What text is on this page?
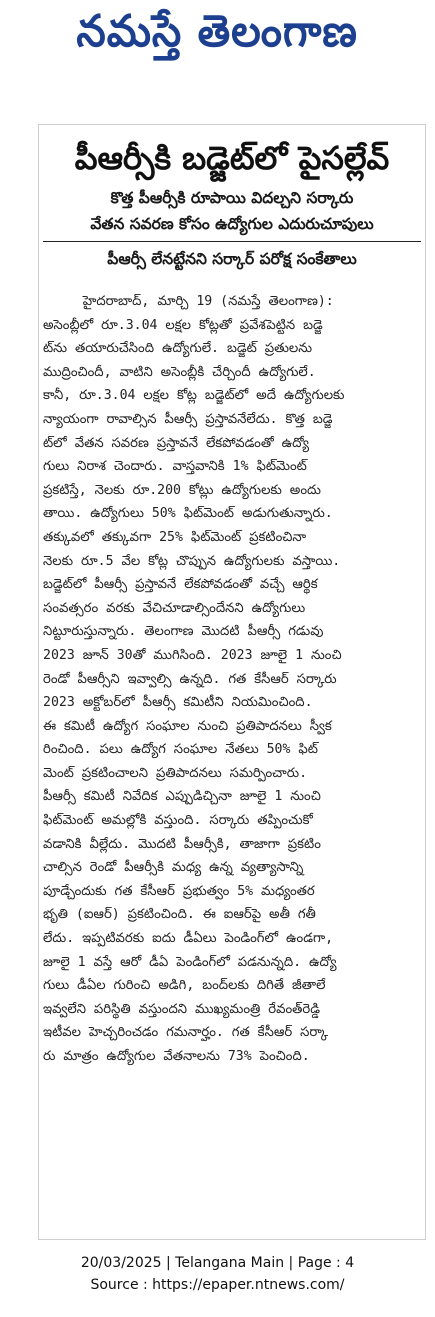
నమస్తే తెలంగాణ
పీఆర్సీకి బడ్జెట్‌లో పైసల్లేవ్
కొత్త పీఆర్సీకి రూపాయి విదల్చని సర్కారు
వేతన సవరణ కోసం ఉద్యోగుల ఎదురుచూపులు
పీఆర్సీ లేనట్టేనని సర్కార్ పరోక్ష సంకేతాలు
హైదరాబాద్, మార్చి 19 (నమస్తే తెలంగాణ):
అసెంబ్లీలో రూ.3.04 లక్షల కోట్లతో ప్రవేశపెట్టిన బడ్జె
ట్‌ను తయారుచేసింది ఉద్యోగులే. బడ్జెట్ ప్రతులను
ముద్రించిందీ, వాటిని అసెంబ్లీకి చేర్చిందీ ఉద్యోగులే.
కానీ, రూ.3.04 లక్షల కోట్ల బడ్జెట్‌లో అదే ఉద్యోగులకు
న్యాయంగా రావాల్సిన పీఆర్సీ ప్రస్తావనేలేదు. కొత్త బడ్జె
ట్‌లో వేతన సవరణ ప్రస్తావనే లేకపోవడంతో ఉద్యో
గులు నిరాశ చెందారు. వాస్తవానికి 1% ఫిట్‌మెంట్
ప్రకటిస్తే, నెలకు రూ.200 కోట్లు ఉద్యోగులకు అందు
తాయి. ఉద్యోగులు 50% ఫిట్‌మెంట్ అడుగుతున్నారు.
తక్కువలో తక్కువగా 25% ఫిట్‌మెంట్ ప్రకటించినా
నెలకు రూ.5 వేల కోట్ల చొప్పున ఉద్యోగులకు వస్తాయి.
బడ్జెట్‌లో పీఆర్సీ ప్రస్తావనే లేకపోవడంతో వచ్చే ఆర్థిక
సంవత్సరం వరకు వేచిచూడాల్సిందేనని ఉద్యోగులు
నిట్టూరుస్తున్నారు. తెలంగాణ మొదటి పీఆర్సీ గడువు
2023 జూన్ 30తో ముగిసింది. 2023 జూలై 1 నుంచి
రెండో పీఆర్సీని ఇవ్వాల్సి ఉన్నది. గత కేసీఆర్ సర్కారు
2023 అక్టోబర్‌లో పీఆర్సీ కమిటీని నియమించింది.
ఈ కమిటీ ఉద్యోగ సంఘాల నుంచి ప్రతిపాదనలు స్వీక
రించింది. పలు ఉద్యోగ సంఘాల నేతలు 50% ఫిట్
మెంట్ ప్రకటించాలని ప్రతిపాదనలు సమర్పించారు.
పీఆర్సీ కమిటీ నివేదిక ఎప్పుడిచ్చినా జూలై 1 నుంచి
ఫిట్‌మెంట్ అమల్లోకి వస్తుంది. సర్కారు తప్పించుకో
వడానికి వీల్లేదు. మొదటి పీఆర్సీకి, తాజాగా ప్రకటిం
చాల్సిన రెండో పీఆర్సీకి మధ్య ఉన్న వ్యత్యాసాన్ని
పూడ్చేందుకు గత కేసీఆర్ ప్రభుత్వం 5% మధ్యంతర
భృతి (ఐఆర్) ప్రకటించింది. ఈ ఐఆర్‌పై అతీ గతీ
లేదు. ఇప్పటివరకు ఐదు డీఏలు పెండింగ్‌లో ఉండగా,
జూలై 1 వస్తే ఆరో డీఏ పెండింగ్‌లో పడనున్నది. ఉద్యో
గులు డీఏల గురించి అడిగి, బంద్‌లకు దిగితే జీతాలే
ఇవ్వలేని పరిస్థితి వస్తుందని ముఖ్యమంత్రి రేవంత్‌రెడ్డి
ఇటీవల హెచ్చరించడం గమనార్హం. గత కేసీఆర్ సర్కా
రు మాత్రం ఉద్యోగుల వేతనాలను 73% పెంచింది.
20/03/2025 | Telangana Main | Page : 4
Source : https://epaper.ntnews.com/
